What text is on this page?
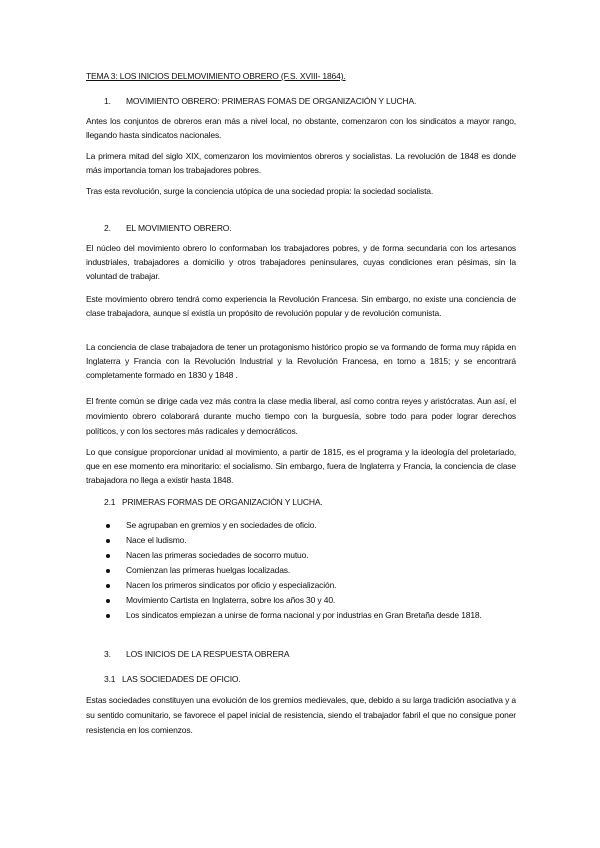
TEMA 3: LOS INICIOS DELMOVIMIENTO OBRERO (F.S. XVIII- 1864).
1. MOVIMIENTO OBRERO: PRIMERAS FOMAS DE ORGANIZACIÓN Y LUCHA.

Antes los conjuntos de obreros eran más a nivel local, no obstante, comenzaron con los sindicatos a mayor rango, llegando hasta sindicatos nacionales.

La primera mitad del siglo XIX, comenzaron los movimientos obreros y socialistas. La revolución de 1848 es donde más importancia toman los trabajadores pobres.

Tras esta revolución, surge la conciencia utópica de una sociedad propia: la sociedad socialista.

2. EL MOVIMIENTO OBRERO.

El núcleo del movimiento obrero lo conformaban los trabajadores pobres, y de forma secundaria con los artesanos industriales, trabajadores a domicilio y otros trabajadores peninsulares, cuyas condiciones eran pésimas, sin la voluntad de trabajar.

Este movimiento obrero tendrá como experiencia la Revolución Francesa. Sin embargo, no existe una conciencia de clase trabajadora, aunque sí existía un propósito de revolución popular y de revolución comunista.

La conciencia de clase trabajadora de tener un protagonismo histórico propio se va formando de forma muy rápida en Inglaterra y Francia con la Revolución Industrial y la Revolución Francesa, en torno a 1815; y se encontrará completamente formado en 1830 y 1848 .

El frente común se dirige cada vez más contra la clase media liberal, así como contra reyes y aristócratas. Aun así, el movimiento obrero colaborará durante mucho tiempo con la burguesía, sobre todo para poder lograr derechos políticos, y con los sectores más radicales y democráticos.

Lo que consigue proporcionar unidad al movimiento, a partir de 1815, es el programa y la ideología del proletariado, que en ese momento era minoritario: el socialismo. Sin embargo, fuera de Inglaterra y Francia, la conciencia de clase trabajadora no llega a existir hasta 1848.

2.1 PRIMERAS FORMAS DE ORGANIZACIÓN Y LUCHA.
Se agrupaban en gremios y en sociedades de oficio.
Nace el ludismo.
Nacen las primeras sociedades de socorro mutuo.
Comienzan las primeras huelgas localizadas.
Nacen los primeros sindicatos por oficio y especialización.
Movimiento Cartista en Inglaterra, sobre los años 30 y 40.
Los sindicatos empiezan a unirse de forma nacional y por industrias en Gran Bretaña desde 1818.
3. LOS INICIOS DE LA RESPUESTA OBRERA
3.1 LAS SOCIEDADES DE OFICIO.

Estas sociedades constituyen una evolución de los gremios medievales, que, debido a su larga tradición asociativa y a su sentido comunitario, se favorece el papel inicial de resistencia, siendo el trabajador fabril el que no consigue poner resistencia en los comienzos.
